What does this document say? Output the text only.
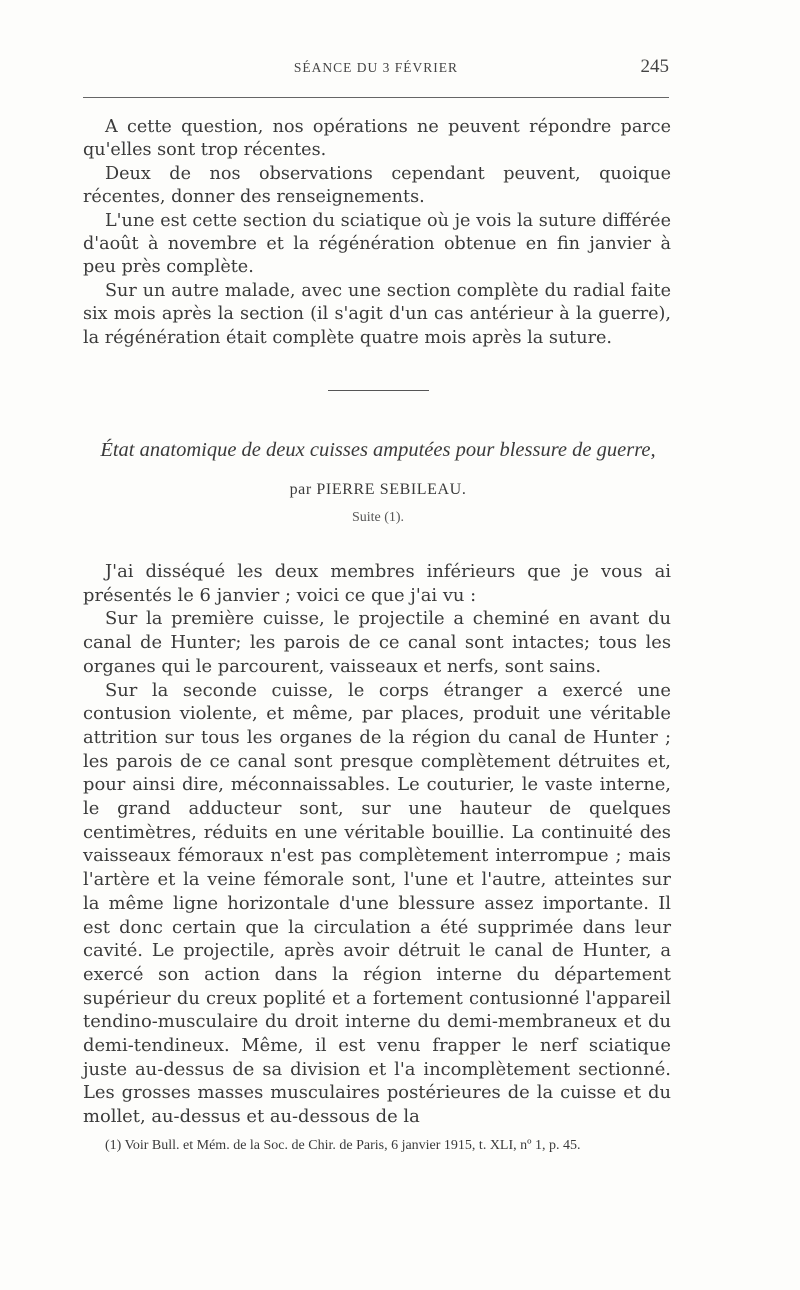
SÉANCE DU 3 FÉVRIER	245

A cette question, nos opérations ne peuvent répondre parce qu'elles sont trop récentes.

Deux de nos observations cependant peuvent, quoique récentes, donner des renseignements.

L'une est cette section du sciatique où je vois la suture différée d'août à novembre et la régénération obtenue en fin janvier à peu près complète.

Sur un autre malade, avec une section complète du radial faite six mois après la section (il s'agit d'un cas antérieur à la guerre), la régénération était complète quatre mois après la suture.

État anatomique de deux cuisses amputées pour blessure de guerre,
par PIERRE SEBILEAU.
Suite (1).

J'ai disséqué les deux membres inférieurs que je vous ai présentés le 6 janvier ; voici ce que j'ai vu :

Sur la première cuisse, le projectile a cheminé en avant du canal de Hunter; les parois de ce canal sont intactes; tous les organes qui le parcourent, vaisseaux et nerfs, sont sains.

Sur la seconde cuisse, le corps étranger a exercé une contusion violente, et même, par places, produit une véritable attrition sur tous les organes de la région du canal de Hunter ; les parois de ce canal sont presque complètement détruites et, pour ainsi dire, méconnaissables. Le couturier, le vaste interne, le grand adducteur sont, sur une hauteur de quelques centimètres, réduits en une véritable bouillie. La continuité des vaisseaux fémoraux n'est pas complètement interrompue ; mais l'artère et la veine fémorale sont, l'une et l'autre, atteintes sur la même ligne horizontale d'une blessure assez importante. Il est donc certain que la circulation a été supprimée dans leur cavité. Le projectile, après avoir détruit le canal de Hunter, a exercé son action dans la région interne du département supérieur du creux poplité et a fortement contusionné l'appareil tendino-musculaire du droit interne du demi-membraneux et du demi-tendineux. Même, il est venu frapper le nerf sciatique juste au-dessus de sa division et l'a incomplètement sectionné. Les grosses masses musculaires postérieures de la cuisse et du mollet, au-dessus et au-dessous de la

(1) Voir Bull. et Mém. de la Soc. de Chir. de Paris, 6 janvier 1915, t. XLI, nº 1, p. 45.
